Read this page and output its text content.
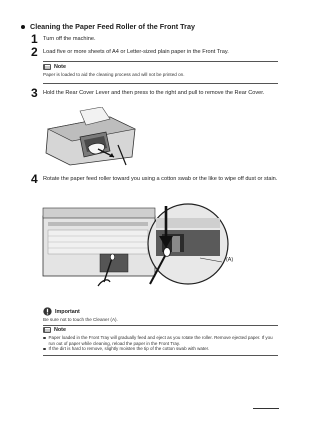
Cleaning the Paper Feed Roller of the Front Tray
1 Turn off the machine.
2 Load five or more sheets of A4 or Letter-sized plain paper in the Front Tray.
Note
Paper is loaded to aid the cleaning process and will not be printed on.
3 Hold the Rear Cover Lever and then press to the right and pull to remove the Rear Cover.
4 Rotate the paper feed roller toward you using a cotton swab or the like to wipe off dust or stain.
(A)
Important
Be sure not to touch the Cleaner (A).
Note
Paper loaded in the Front Tray will gradually feed and eject as you rotate the roller. Remove ejected paper. If you run out of paper while cleaning, reload the paper in the Front Tray.
If the dirt is hard to remove, slightly moisten the tip of the cotton swab with water.
